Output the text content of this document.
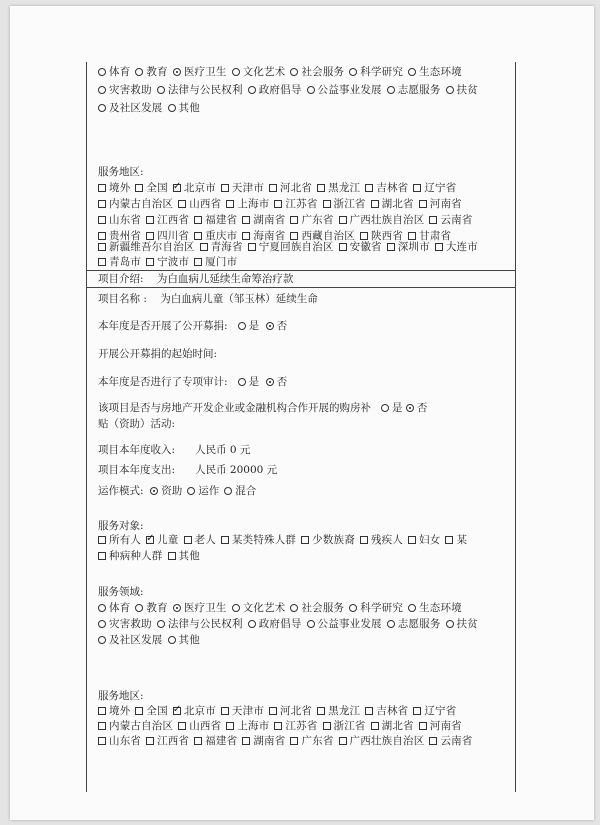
体育 教育 医疗卫生 文化艺术 社会服务 科学研究 生态环境
灾害救助 法律与公民权利 政府倡导 公益事业发展 志愿服务 扶贫
及社区发展 其他
服务地区:
境外 全国 ✓ 北京市 天津市 河北省 黑龙江 吉林省 辽宁省
内蒙古自治区 山西省 上海市 江苏省 浙江省 湖北省 河南省
山东省 江西省 福建省 湖南省 广东省 广西壮族自治区 云南省
贵州省 四川省 重庆市 海南省 西藏自治区 陕西省 甘肃省
新疆维吾尔自治区 青海省 宁夏回族自治区 安徽省 深圳市 大连市
青岛市 宁波市 厦门市
项目介绍: 为白血病儿延续生命筹治疗款
项目名称 : 为白血病儿童（邹玉林）延续生命
本年度是否开展了公开募捐: 是 否
开展公开募捐的起始时间:
本年度是否进行了专项审计: 是 否
该项目是否与房地产开发企业或金融机构合作开展的购房补 是 否
贴（资助）活动:
项目本年度收入: 人民币 0 元
项目本年度支出: 人民币 20000 元
运作模式: 资助 运作 混合
服务对象:
所有人 ✓ 儿童 老人 某类特殊人群 少数族裔 残疾人 妇女 某
种病种人群 其他
服务领域:
体育 教育 医疗卫生 文化艺术 社会服务 科学研究 生态环境
灾害救助 法律与公民权利 政府倡导 公益事业发展 志愿服务 扶贫
及社区发展 其他
服务地区:
境外 全国 ✓ 北京市 天津市 河北省 黑龙江 吉林省 辽宁省
内蒙古自治区 山西省 上海市 江苏省 浙江省 湖北省 河南省
山东省 江西省 福建省 湖南省 广东省 广西壮族自治区 云南省
